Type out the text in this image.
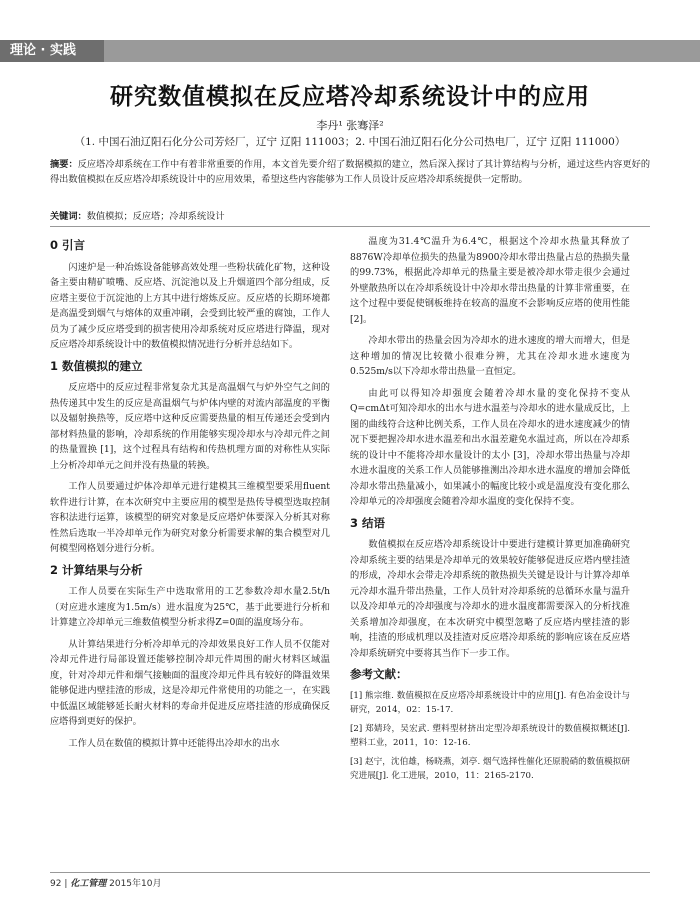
理论 · 实践
研究数值模拟在反应塔冷却系统设计中的应用
李丹¹ 张骞泽²
（1. 中国石油辽阳石化分公司芳烃厂，辽宁 辽阳 111003；2. 中国石油辽阳石化分公司热电厂，辽宁 辽阳 111000）
摘要：反应塔冷却系统在工作中有着非常重要的作用，本文首先要介绍了数据模拟的建立，然后深入探讨了其计算结构与分析，通过这些内容更好的得出数值模拟在反应塔冷却系统设计中的应用效果，希望这些内容能够为工作人员设计反应塔冷却系统提供一定帮助。
关键词：数值模拟；反应塔；冷却系统设计
0 引言

闪速炉是一种冶炼设备能够高效处理一些粉状硫化矿物，这种设备主要由精矿喷嘴、反应塔、沉淀池以及上升烟道四个部分组成，反应塔主要位于沉淀池的上方其中进行熔炼反应。反应塔的长期环境都是高温受到烟气与熔体的双重冲刷，会受到比较严重的腐蚀，工作人员为了减少反应塔受到的损害使用冷却系统对反应塔进行降温，现对反应塔冷却系统设计中的数值模拟情况进行分析并总结如下。

1 数值模拟的建立

反应塔中的反应过程非常复杂尤其是高温烟气与炉外空气之间的热传递其中发生的反应是高温烟气与炉体内壁的对流内部温度的平衡以及辐射换热等，反应塔中这种反应需要热量的相互传递还会受到内部材料热量的影响，冷却系统的作用能够实现冷却水与冷却元件之间的热量置换 [1]，这个过程具有结构和传热机理方面的对称性从实际上分析冷却单元之间并没有热量的转换。

工作人员要通过炉体冷却单元进行建模其三维模型要采用fluent软件进行计算，在本次研究中主要应用的模型是热传导模型选取控制容积法进行运算，该模型的研究对象是反应塔炉体要深入分析其对称性然后选取一半冷却单元作为研究对象分析需要求解的集合模型对几何模型网格划分进行分析。

2 计算结果与分析

工作人员要在实际生产中选取常用的工艺参数冷却水量2.5t/h（对应进水速度为1.5m/s）进水温度为25℃，基于此要进行分析和计算建立冷却单元三维数值模型分析求得Z=0面的温度场分布。

从计算结果进行分析冷却单元的冷却效果良好工作人员不仅能对冷却元件进行局部设置还能够控制冷却元件周围的耐火材料区域温度，针对冷却元件和烟气接触面的温度冷却元件具有较好的降温效果能够促进内壁挂渣的形成，这是冷却元件常使用的功能之一，在实践中低温区域能够延长耐火材料的寿命并促进反应塔挂渣的形成确保反应塔得到更好的保护。

工作人员在数值的模拟计算中还能得出冷却水的出水

温度为31.4℃温升为6.4℃，根据这个冷却水热量其释放了8876W冷却单位损失的热量为8900冷却水带出热量占总的热损失量的99.73%，根据此冷却单元的热量主要是被冷却水带走很少会通过外壁散热所以在冷却系统设计中冷却水带出热量的计算非常重要，在这个过程中要促使钢板维持在较高的温度不会影响反应塔的使用性能 [2]。

冷却水带出的热量会因为冷却水的进水速度的增大而增大，但是这种增加的情况比较微小很难分辨，尤其在冷却水进水速度为0.525m/s以下冷却水带出热量一直恒定。

由此可以得知冷却强度会随着冷却水量的变化保持不变从Q=cmΔt可知冷却水的出水与进水温差与冷却水的进水量成反比，上图的曲线符合这种比例关系，工作人员在冷却水的进水速度减少的情况下要把握冷却水进水温差和出水温差避免水温过高，所以在冷却系统的设计中不能将冷却水量设计的太小 [3]，冷却水带出热量与冷却水进水温度的关系工作人员能够推测出冷却水进水温度的增加会降低冷却水带出热量减小，如果减小的幅度比较小或是温度没有变化那么冷却单元的冷却强度会随着冷却水温度的变化保持不变。

3 结语

数值模拟在反应塔冷却系统设计中要进行建模计算更加准确研究冷却系统主要的结果是冷却单元的效果较好能够促进反应塔内壁挂渣的形成，冷却水会带走冷却系统的散热损失关键是设计与计算冷却单元冷却水温升带出热量，工作人员针对冷却系统的总循环水量与温升以及冷却单元的冷却强度与冷却水的进水温度都需要深入的分析找准关系增加冷却强度，在本次研究中模型忽略了反应塔内壁挂渣的影响，挂渣的形成机理以及挂渣对反应塔冷却系统的影响应该在反应塔冷却系统研究中要将其当作下一步工作。

参考文献：
[1] 熊宗维. 数值模拟在反应塔冷却系统设计中的应用[J]. 有色冶金设计与研究，2014，02：15-17.
[2] 郑婧玲，吴宏武. 塑料型材挤出定型冷却系统设计的数值模拟概述[J]. 塑料工业，2011，10：12-16.
[3] 赵宁，沈伯雄，杨晓燕，刘亭. 烟气选择性催化还原脱硝的数值模拟研究进展[J]. 化工进展，2010，11：2165-2170.
92 | 化工管理 2015年10月
